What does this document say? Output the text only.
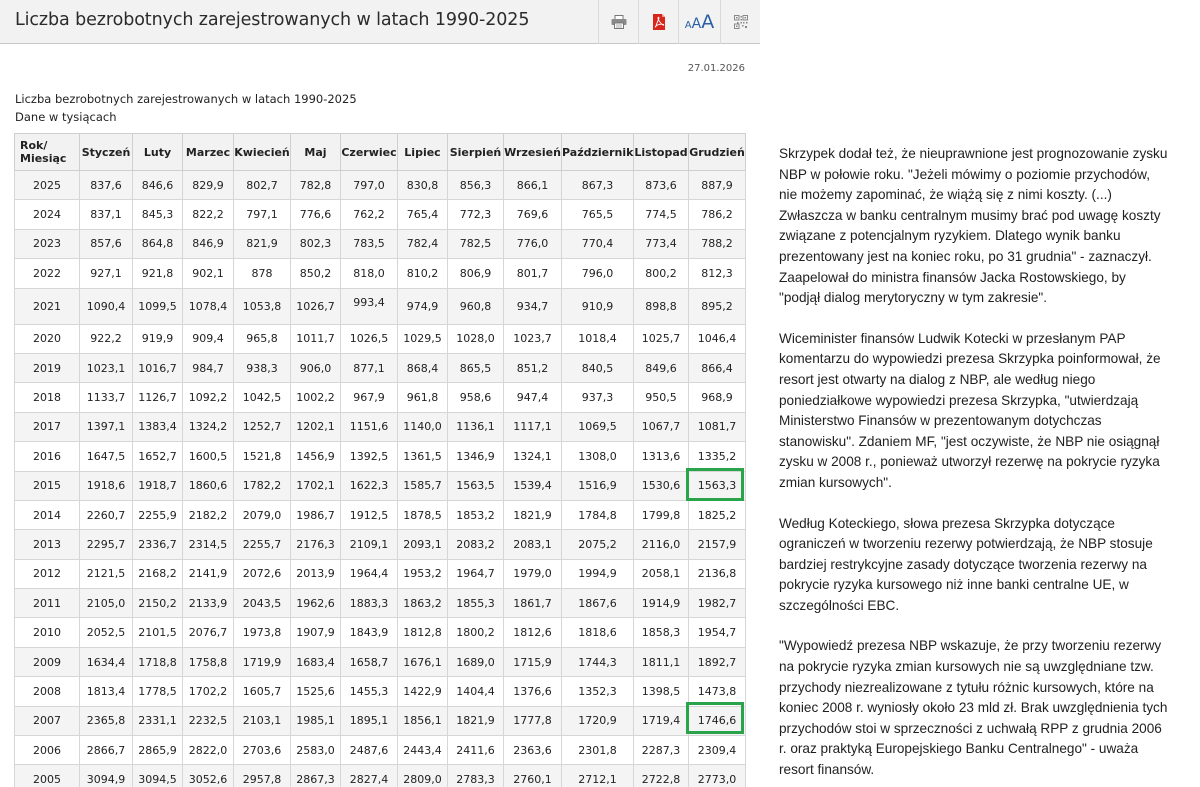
Liczba bezrobotnych zarejestrowanych w latach 1990-2025	AAA
27.01.2026
Liczba bezrobotnych zarejestrowanych w latach 1990-2025
Dane w tysiącach
Rok/
Miesiąc	Styczeń	Luty	Marzec	Kwiecień	Maj	Czerwiec	Lipiec	Sierpień	Wrzesień	Październik	Listopad	Grudzień
2025	837,6	846,6	829,9	802,7	782,8	797,0	830,8	856,3	866,1	867,3	873,6	887,9
2024	837,1	845,3	822,2	797,1	776,6	762,2	765,4	772,3	769,6	765,5	774,5	786,2
2023	857,6	864,8	846,9	821,9	802,3	783,5	782,4	782,5	776,0	770,4	773,4	788,2
2022	927,1	921,8	902,1	878	850,2	818,0	810,2	806,9	801,7	796,0	800,2	812,3
2021	1090,4	1099,5	1078,4	1053,8	1026,7	993,4	974,9	960,8	934,7	910,9	898,8	895,2
2020	922,2	919,9	909,4	965,8	1011,7	1026,5	1029,5	1028,0	1023,7	1018,4	1025,7	1046,4
2019	1023,1	1016,7	984,7	938,3	906,0	877,1	868,4	865,5	851,2	840,5	849,6	866,4
2018	1133,7	1126,7	1092,2	1042,5	1002,2	967,9	961,8	958,6	947,4	937,3	950,5	968,9
2017	1397,1	1383,4	1324,2	1252,7	1202,1	1151,6	1140,0	1136,1	1117,1	1069,5	1067,7	1081,7
2016	1647,5	1652,7	1600,5	1521,8	1456,9	1392,5	1361,5	1346,9	1324,1	1308,0	1313,6	1335,2
2015	1918,6	1918,7	1860,6	1782,2	1702,1	1622,3	1585,7	1563,5	1539,4	1516,9	1530,6	1563,3
2014	2260,7	2255,9	2182,2	2079,0	1986,7	1912,5	1878,5	1853,2	1821,9	1784,8	1799,8	1825,2
2013	2295,7	2336,7	2314,5	2255,7	2176,3	2109,1	2093,1	2083,2	2083,1	2075,2	2116,0	2157,9
2012	2121,5	2168,2	2141,9	2072,6	2013,9	1964,4	1953,2	1964,7	1979,0	1994,9	2058,1	2136,8
2011	2105,0	2150,2	2133,9	2043,5	1962,6	1883,3	1863,2	1855,3	1861,7	1867,6	1914,9	1982,7
2010	2052,5	2101,5	2076,7	1973,8	1907,9	1843,9	1812,8	1800,2	1812,6	1818,6	1858,3	1954,7
2009	1634,4	1718,8	1758,8	1719,9	1683,4	1658,7	1676,1	1689,0	1715,9	1744,3	1811,1	1892,7
2008	1813,4	1778,5	1702,2	1605,7	1525,6	1455,3	1422,9	1404,4	1376,6	1352,3	1398,5	1473,8
2007	2365,8	2331,1	2232,5	2103,1	1985,1	1895,1	1856,1	1821,9	1777,8	1720,9	1719,4	1746,6
2006	2866,7	2865,9	2822,0	2703,6	2583,0	2487,6	2443,4	2411,6	2363,6	2301,8	2287,3	2309,4
2005	3094,9	3094,5	3052,6	2957,8	2867,3	2827,4	2809,0	2783,3	2760,1	2712,1	2722,8	2773,0

Skrzypek dodał też, że nieuprawnione jest prognozowanie zysku NBP w połowie roku. "Jeżeli mówimy o poziomie przychodów, nie możemy zapominać, że wiążą się z nimi koszty. (...) Zwłaszcza w banku centralnym musimy brać pod uwagę koszty związane z potencjalnym ryzykiem. Dlatego wynik banku prezentowany jest na koniec roku, po 31 grudnia" - zaznaczył. Zaapelował do ministra finansów Jacka Rostowskiego, by "podjął dialog merytoryczny w tym zakresie".

Wiceminister finansów Ludwik Kotecki w przesłanym PAP komentarzu do wypowiedzi prezesa Skrzypka poinformował, że resort jest otwarty na dialog z NBP, ale według niego poniedziałkowe wypowiedzi prezesa Skrzypka, "utwierdzają Ministerstwo Finansów w prezentowanym dotychczas stanowisku". Zdaniem MF, "jest oczywiste, że NBP nie osiągnął zysku w 2008 r., ponieważ utworzył rezerwę na pokrycie ryzyka zmian kursowych".

Według Koteckiego, słowa prezesa Skrzypka dotyczące ograniczeń w tworzeniu rezerwy potwierdzają, że NBP stosuje bardziej restrykcyjne zasady dotyczące tworzenia rezerwy na pokrycie ryzyka kursowego niż inne banki centralne UE, w szczególności EBC.

"Wypowiedź prezesa NBP wskazuje, że przy tworzeniu rezerwy na pokrycie ryzyka zmian kursowych nie są uwzględniane tzw. przychody niezrealizowane z tytułu różnic kursowych, które na koniec 2008 r. wyniosły około 23 mld zł. Brak uwzględnienia tych przychodów stoi w sprzeczności z uchwałą RPP z grudnia 2006 r. oraz praktyką Europejskiego Banku Centralnego" - uważa resort finansów.
